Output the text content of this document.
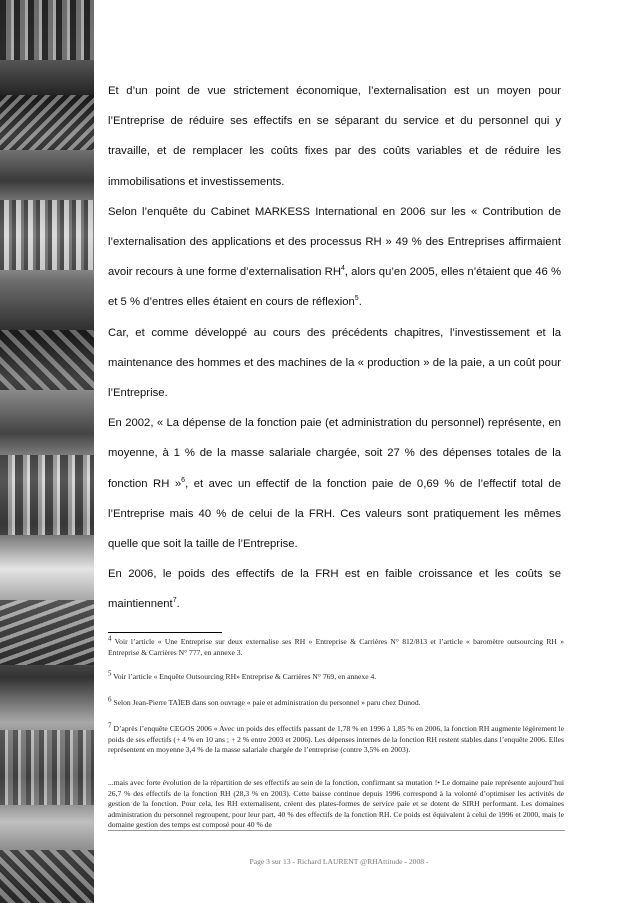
Et d’un point de vue strictement économique, l’externalisation est un moyen pour l’Entreprise de réduire ses effectifs en se séparant du service et du personnel qui y travaille, et de remplacer les coûts fixes par des coûts variables et de réduire les immobilisations et investissements.

Selon l’enquête du Cabinet MARKESS International en 2006 sur les « Contribution de l’externalisation des applications et des processus RH » 49 % des Entreprises affirmaient avoir recours à une forme d’externalisation $RH^4$, alors qu’en 2005, elles n’étaient que 46 % et 5 % d’entres elles étaient en cours de réflexion$^5$.

Car, et comme développé au cours des précédents chapitres, l’investissement et la maintenance des hommes et des machines de la « production » de la paie, a un coût pour l’Entreprise.

En 2002, « La dépense de la fonction paie (et administration du personnel) représente, en moyenne, à 1 % de la masse salariale chargée, soit 27 % des dépenses totales de la fonction RH »$^6$, et avec un effectif de la fonction paie de 0,69 % de l’effectif total de l’Entreprise mais 40 % de celui de la FRH. Ces valeurs sont pratiquement les mêmes quelle que soit la taille de l’Entreprise.

En 2006, le poids des effectifs de la FRH est en faible croissance et les coûts se maintiennent$^7$.

$^4$ Voir l’article « Une Entreprise sur deux externalise ses RH » Entreprise & Carrières N° 812/813 et l’article « baromètre outsourcing RH » Entreprise & Carrières N° 777, en annexe 3.

$^5$ Voir l’article « Enquête Outsourcing RH» Entreprise & Carrières N° 769, en annexe 4.

$^6$ Selon Jean-Pierre TAÏEB dans son ouvrage « paie et administration du personnel » paru chez Dunod.

$^7$ D’après l’enquête CEGOS 2006 « Avec un poids des effectifs passant de 1,78 % en 1996 à 1,85 % en 2006, la fonction RH augmente légèrement le poids de ses effectifs (+ 4 % en 10 ans ; + 2 % entre 2003 et 2006). Les dépenses internes de la fonction RH restent stables dans l’enquête 2006. Elles représentent en moyenne 3,4 % de la masse salariale chargée de l’entreprise (contre 3,5% en 2003).

...mais avec forte évolution de la répartition de ses effectifs au sein de la fonction, confirmant sa mutation !• Le domaine paie représente aujourd’hui 26,7 % des effectifs de la fonction RH (28,3 % en 2003). Cette baisse continue depuis 1996 correspond à la volonté d’optimiser les activités de gestion de la fonction. Pour cela, les RH externalisent, créent des plates-formes de service paie et se dotent de SIRH performant. Les domaines administration du personnel regroupent, pour leur part, 40 % des effectifs de la fonction RH. Ce poids est équivalent à celui de 1996 et 2000, mais le domaine gestion des temps est composé pour 40 % de

Page 3 sur 13 - Richard LAURENT @RHAttitude - 2008 -
